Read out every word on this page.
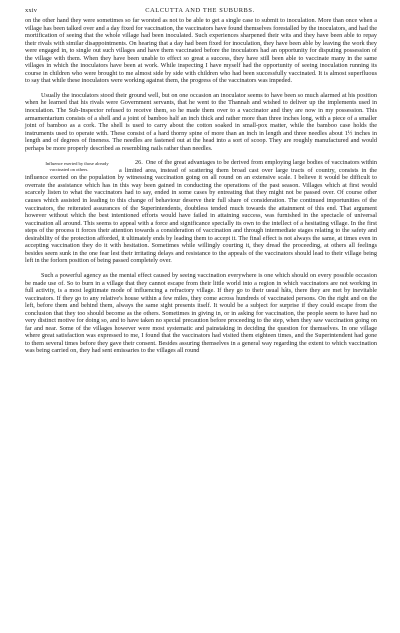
xxiv	CALCUTTA AND THE SUBURBS.

on the other hand they were sometimes so far worsted as not to be able to get a single case to submit to inoculation. More than once when a village has been talked over and a day fixed for vaccination, the vaccinators have found themselves forestalled by the inoculators, and had the mortification of seeing that the whole village had been inoculated. Such experiences sharpened their wits and they have been able to repay their rivals with similar disappointments. On hearing that a day had been fixed for inoculation, they have been able by leaving the work they were engaged in, to single out such villages and have them vaccinated before the inoculators had an opportunity for disputing possession of the village with them. When they have been unable to effect so great a success, they have still been able to vaccinate many in the same villages in which the inoculators have been at work. While inspecting I have myself had the opportunity of seeing inoculation running its course in children who were brought to me almost side by side with children who had been successfully vaccinated. It is almost superfluous to say that while these inoculators were working against them, the progress of the vaccinators was impeded.

Usually the inoculators stood their ground well, but on one occasion an inoculator seems to have been so much alarmed at his position when he learned that his rivals were Government servants, that he went to the Thannah and wished to deliver up the implements used in inoculation. The Sub-Inspector refused to receive them, so he made them over to a vaccinator and they are now in my possession. This armamentarium consists of a shell and a joint of bamboo half an inch thick and rather more than three inches long, with a piece of a smaller joint of bamboo as a cork. The shell is used to carry about the cotton soaked in small-pox matter, while the bamboo case holds the instruments used to operate with. These consist of a hard thorny spine of more than an inch in length and three needles about 1½ inches in length and of degrees of fineness. The needles are fastened out at the head into a sort of scoop. They are roughly manufactured and would perhaps be more properly described as resembling nails rather than needles.

26.
Influence exerted by those already vaccinated on others.
One of the great advantages to be derived from employing large bodies of vaccinators within a limited area, instead of scattering them broad cast over large tracts of country, consists in the influence exerted on the population by witnessing vaccination going on all round on an extensive scale. I believe it would be difficult to overrate the assistance which has in this way been gained in conducting the operations of the past season. Villages which at first would scarcely listen to what the vaccinators had to say, ended in some cases by entreating that they might not be passed over. Of course other causes which assisted in leading to this change of behaviour deserve their full share of consideration. The continued importunities of the vaccinators, the reiterated assurances of the Superintendents, doubtless tended much towards the attainment of this end. That argument however without which the best intentioned efforts would have failed in attaining success, was furnished in the spectacle of universal vaccination all around. This seems to appeal with a force and significance specially its own to the intellect of a hesitating village. In the first steps of the process it forces their attention towards a consideration of vaccination and through intermediate stages relating to the safety and desirability of the protection afforded, it ultimately ends by leading them to accept it. The final effect is not always the same, at times even in accepting vaccination they do it with hesitation. Sometimes while willingly courting it, they dread the proceeding, at others all feelings besides seem sunk in the one fear lest their irritating delays and resistance to the appeals of the vaccinators should lead to their village being left in the forlorn position of being passed completely over.

Such a powerful agency as the mental effect caused by seeing vaccination everywhere is one which should on every possible occasion be made use of. So to burn in a village that they cannot escape from their little world into a region in which vaccinators are not working in full activity, is a most legitimate mode of influencing a refractory village. If they go to their usual hâts, there they are met by inevitable vaccinators. If they go to any relative's house within a few miles, they come across hundreds of vaccinated persons. On the right and on the left, before them and behind them, always the same sight presents itself. It would be a subject for surprise if they could escape from the conclusion that they too should become as the others. Sometimes in giving in, or in asking for vaccination, the people seem to have had no very distinct motive for doing so, and to have taken no special precaution before proceeding to the step, when they saw vaccination going on far and near. Some of the villages however were most systematic and painstaking in deciding the question for themselves. In one village where great satisfaction was expressed to me, I found that the vaccinators had visited them eighteen times, and the Superintendent had gone to them several times before they gave their consent. Besides assuring themselves in a general way regarding the extent to which vaccination was being carried on, they had sent emissaries to the villages all round
